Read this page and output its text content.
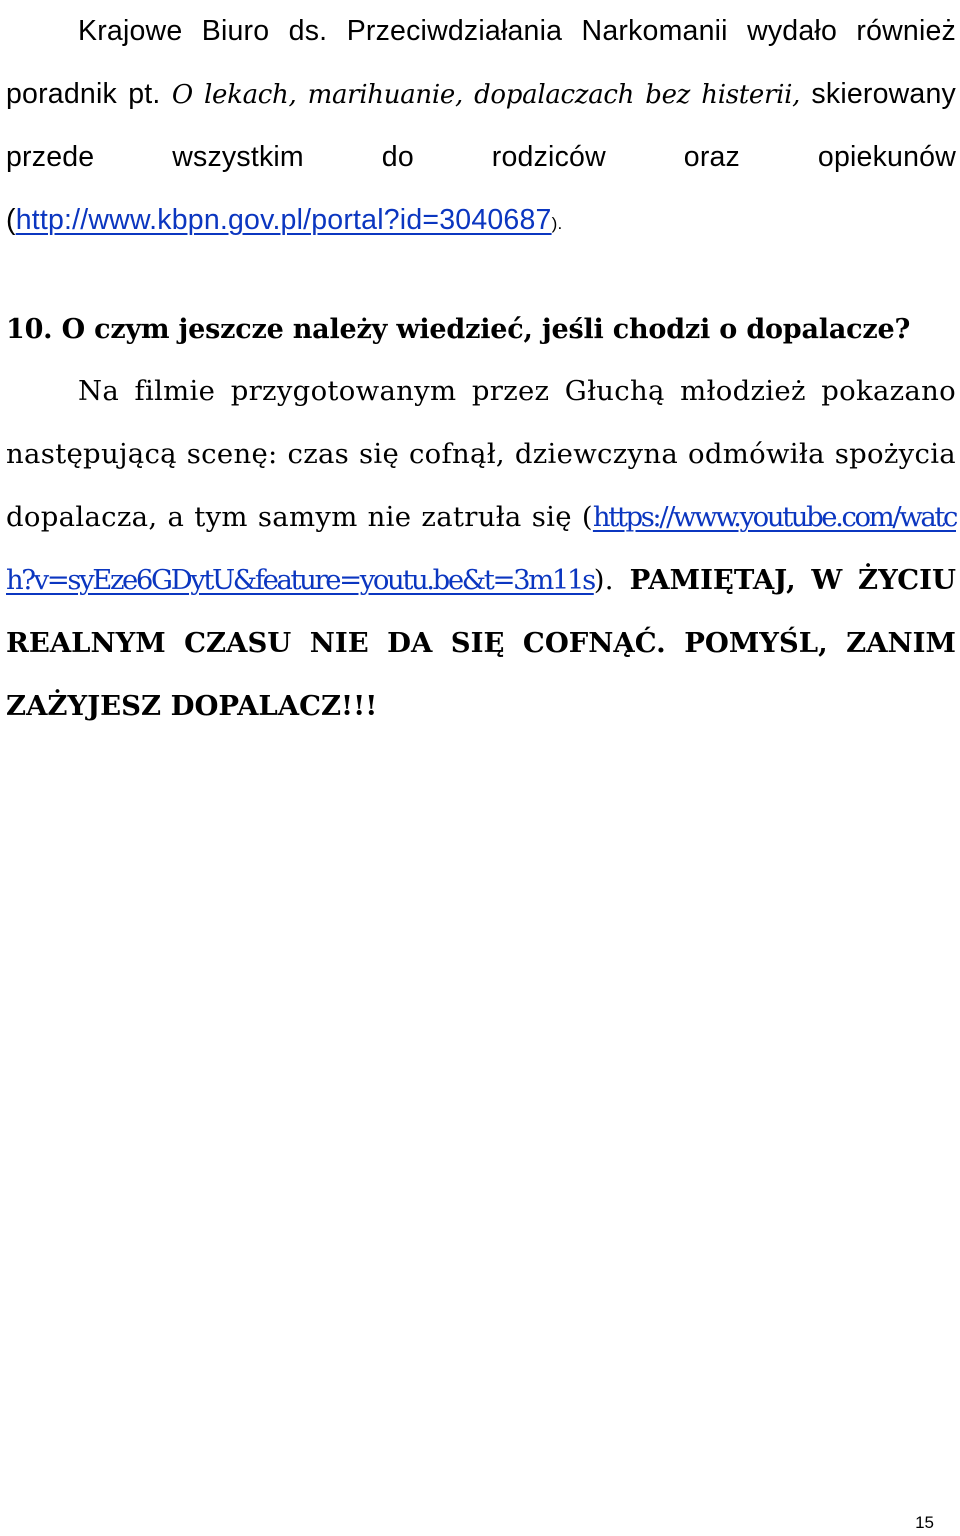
Krajowe Biuro ds. Przeciwdziałania Narkomanii wydało również poradnik pt. O lekach, marihuanie, dopalaczach bez histerii, skierowany przede wszystkim do rodziców oraz opiekunów (http://www.kbpn.gov.pl/portal?id=3040687).

10. O czym jeszcze należy wiedzieć, jeśli chodzi o dopalacze?

Na filmie przygotowanym przez Głuchą młodzież pokazano następującą scenę: czas się cofnął, dziewczyna odmówiła spożycia dopalacza, a tym samym nie zatruła się (https://www.youtube.com/watch?v=syEze6GDytU&feature=youtu.be&t=3m11s). PAMIĘTAJ, W ŻYCIU REALNYM CZASU NIE DA SIĘ COFNĄĆ. POMYŚL, ZANIM ZAŻYJESZ DOPALACZ!!!

15
